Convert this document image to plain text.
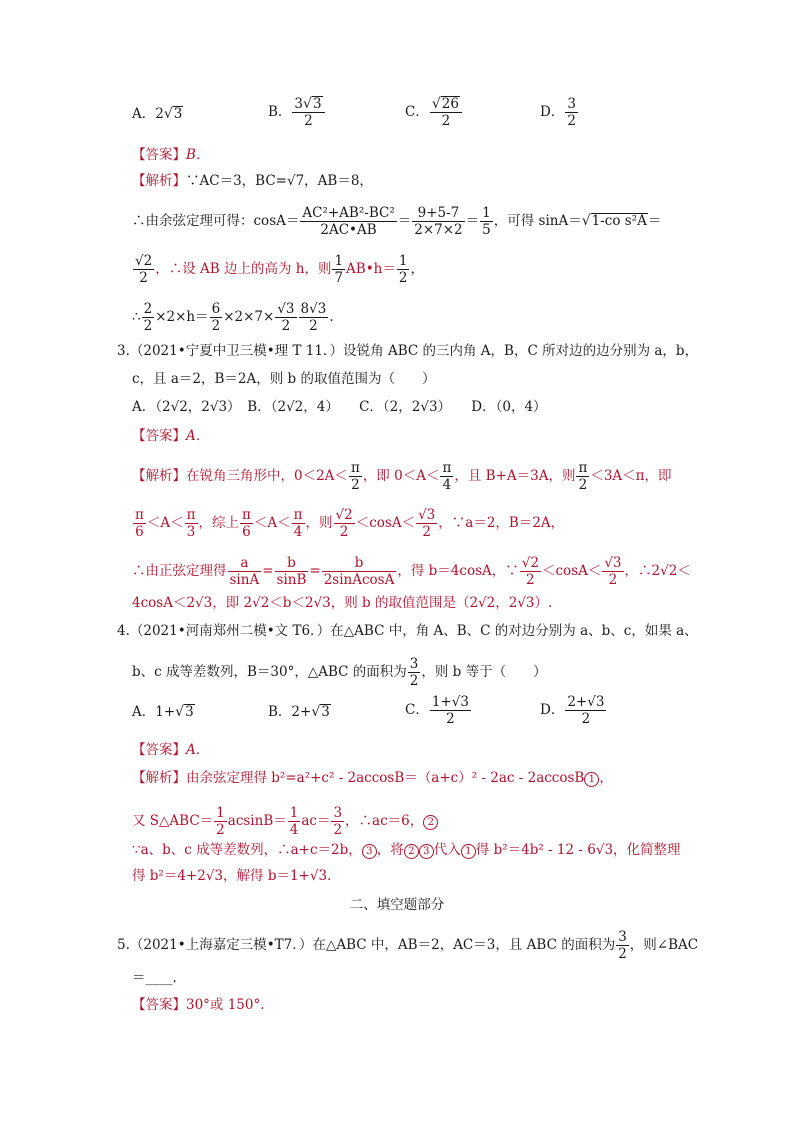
A．2√3	B． $\frac{3√3}{2}$	C． $\frac{√26}{2}$	D． $\frac{3}{2}$
【答案】B．
【解析】∵AC＝3，BC=√7，AB＝8，
∴由余弦定理可得：$\cos A= \frac{\text{AC²+AB²-BC²}}{2AC•AB} = \frac{9+5-7}{2\times 7\times 2} = \frac{1}{5}$ ，可得 sinA＝√1-co s²A＝
$\frac{√2}{2}$ ，∴设 AB 边上的高为 h，则 $\frac{1}{7}$ AB•h＝ $\frac{1}{2}$ ，
∴ $\frac{2}{2} \times 2\times h= \frac{6}{2} \times 2\times 7\times \frac{√3}{2} \frac{8√3}{2}$ .
3.（2021•宁夏中卫三模•理 T 11．）设锐角 ABC 的三内角 A，B，C 所对边的边分别为 a，b，
c，且 a＝2，B＝2A，则 b 的取值范围为（　　）
A．（2√2，2√3）　B．（2√2，4）　　C．（2，2√3）　　D．（0，4）
【答案】A．
【解析】在锐角三角形中，$0<2A< \frac{\pi}{2}$ ，即 $0<A< \frac{\pi}{4}$ ，且 B+A＝3A，则 $\frac{\pi}{2} <3A<\pi$，即
$\frac{\pi}{6} <A< \frac{\pi}{3}$ ，综上 $\frac{\pi}{6} <A< \frac{\pi}{4}$ ，则 $\frac{√2}{2} <\cos A< \frac{√3}{2}$ ，∵a＝2，B＝2A，
∴由正弦定理得 $\frac{a}{\sin A} = \frac{b}{\sin B} = \frac{b}{\text{2sinAcosA}}$ ，得 b＝4cosA，∵ $\frac{√2}{2} <\cos A< \frac{√3}{2}$ ，∴2√2＜
4cosA＜2√3，即 2√2＜b＜2√3，则 b 的取值范围是（2√2，2√3）.
4.（2021•河南郑州二模•文 T6．）在△ABC 中，角 A、B、C 的对边分别为 a、b、c，如果 a、
b、c 成等差数列，B＝30°，△ABC 的面积为 $\frac{3}{2}$ ，则 b 等于（　　）
A．1+√3	B．2+√3	C． $\frac{1+√3}{2}$	D． $\frac{2+√3}{2}$
【答案】A．
【解析】由余弦定理得 b²=a²+c² - 2accosB＝（a+c）² - 2ac - 2accosB 1 ，
又 S△ABC＝ $\frac{1}{2} acsinB= \frac{1}{4} ac= \frac{3}{2}$ ，∴ac＝6， 2
∵a、b、c 成等差数列，∴a+c＝2b， 3 ，将 2 3 代入 1 得 b²＝4b² - 12 - 6√3，化简整理
得 b²＝4+2√3，解得 b＝1+√3.
二、填空题部分
5.（2021•上海嘉定三模•T7．）在△ABC 中，AB＝2，AC＝3，且 ABC 的面积为 $\frac{3}{2}$ ，则∠BAC
＝____.
【答案】30°或 150°.
